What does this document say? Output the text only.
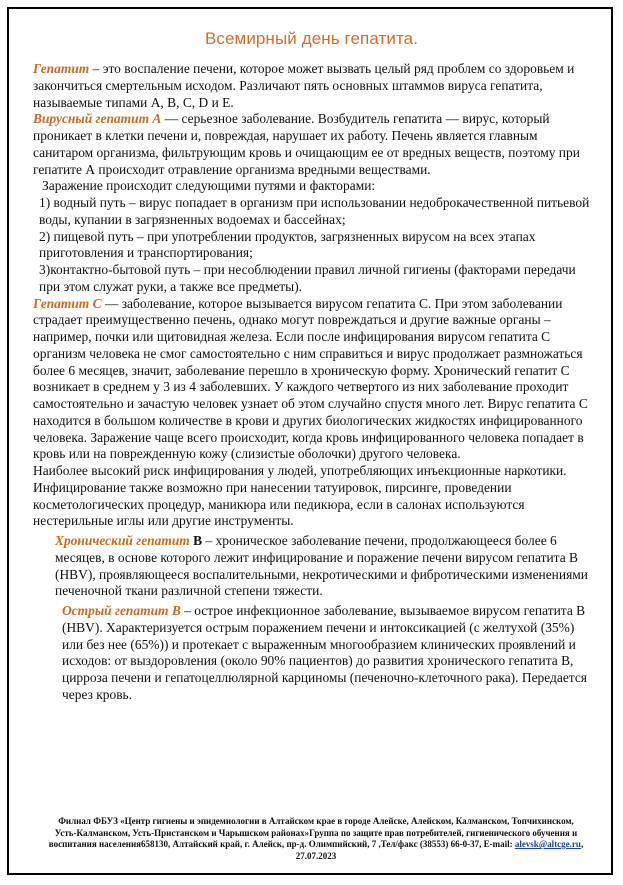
Всемирный день гепатита.

Гепатит – это воспаление печени, которое может вызвать целый ряд проблем со здоровьем и закончиться смертельным исходом. Различают пять основных штаммов вируса гепатита, называемые типами А, В, С, D и Е.

Вирусный гепатит А — серьезное заболевание. Возбудитель гепатита — вирус, который проникает в клетки печени и, повреждая, нарушает их работу. Печень является главным санитаром организма, фильтрующим кровь и очищающим ее от вредных веществ, поэтому при гепатите А происходит отравление организма вредными веществами.

Заражение происходит следующими путями и факторами:

1) водный путь – вирус попадает в организм при использовании недоброкачественной питьевой воды, купании в загрязненных водоемах и бассейнах;

2) пищевой путь – при употреблении продуктов, загрязненных вирусом на всех этапах приготовления и транспортирования;

3)контактно-бытовой путь – при несоблюдении правил личной гигиены (факторами передачи при этом служат руки, а также все предметы).

Гепатит С — заболевание, которое вызывается вирусом гепатита С. При этом заболевании страдает преимущественно печень, однако могут повреждаться и другие важные органы – например, почки или щитовидная железа. Если после инфицирования вирусом гепатита С организм человека не смог самостоятельно с ним справиться и вирус продолжает размножаться более 6 месяцев, значит, заболевание перешло в хроническую форму. Хронический гепатит С возникает в среднем у 3 из 4 заболевших. У каждого четвертого из них заболевание проходит самостоятельно и зачастую человек узнает об этом случайно спустя много лет. Вирус гепатита С находится в большом количестве в крови и других биологических жидкостях инфицированного человека. Заражение чаще всего происходит, когда кровь инфицированного человека попадает в кровь или на поврежденную кожу (слизистые оболочки) другого человека.

Наиболее высокий риск инфицирования у людей, употребляющих инъекционные наркотики. Инфицирование также возможно при нанесении татуировок, пирсинге, проведении косметологических процедур, маникюра или педикюра, если в салонах используются нестерильные иглы или другие инструменты.

Хронический гепатит В – хроническое заболевание печени, продолжающееся более 6 месяцев, в основе которого лежит инфицирование и поражение печени вирусом гепатита В (HBV), проявляющееся воспалительными, некротическими и фибротическими изменениями печеночной ткани различной степени тяжести.

Острый гепатит В – острое инфекционное заболевание, вызываемое вирусом гепатита В (HBV). Характеризуется острым поражением печени и интоксикацией (с желтухой (35%) или без нее (65%)) и протекает с выраженным многообразием клинических проявлений и исходов: от выздоровления (около 90% пациентов) до развития хронического гепатита В, цирроза печени и гепатоцеллюлярной карциномы (печеночно-клеточного рака). Передается через кровь.

Филиал ФБУЗ «Центр гигиены и эпидемиологии в Алтайском крае в городе Алейске, Алейском, Калманском, Топчихинском, Усть-Калманском, Усть-Пристанском и Чарышском районах»Группа по защите прав потребителей, гигиенического обучения и воспитания населения658130, Алтайский край, г. Алейск, пр-д. Олимпийский, 7 ,Тел/факс (38553) 66-0-37, E-mail: alevsk@altcge.ru, 27.07.2023
